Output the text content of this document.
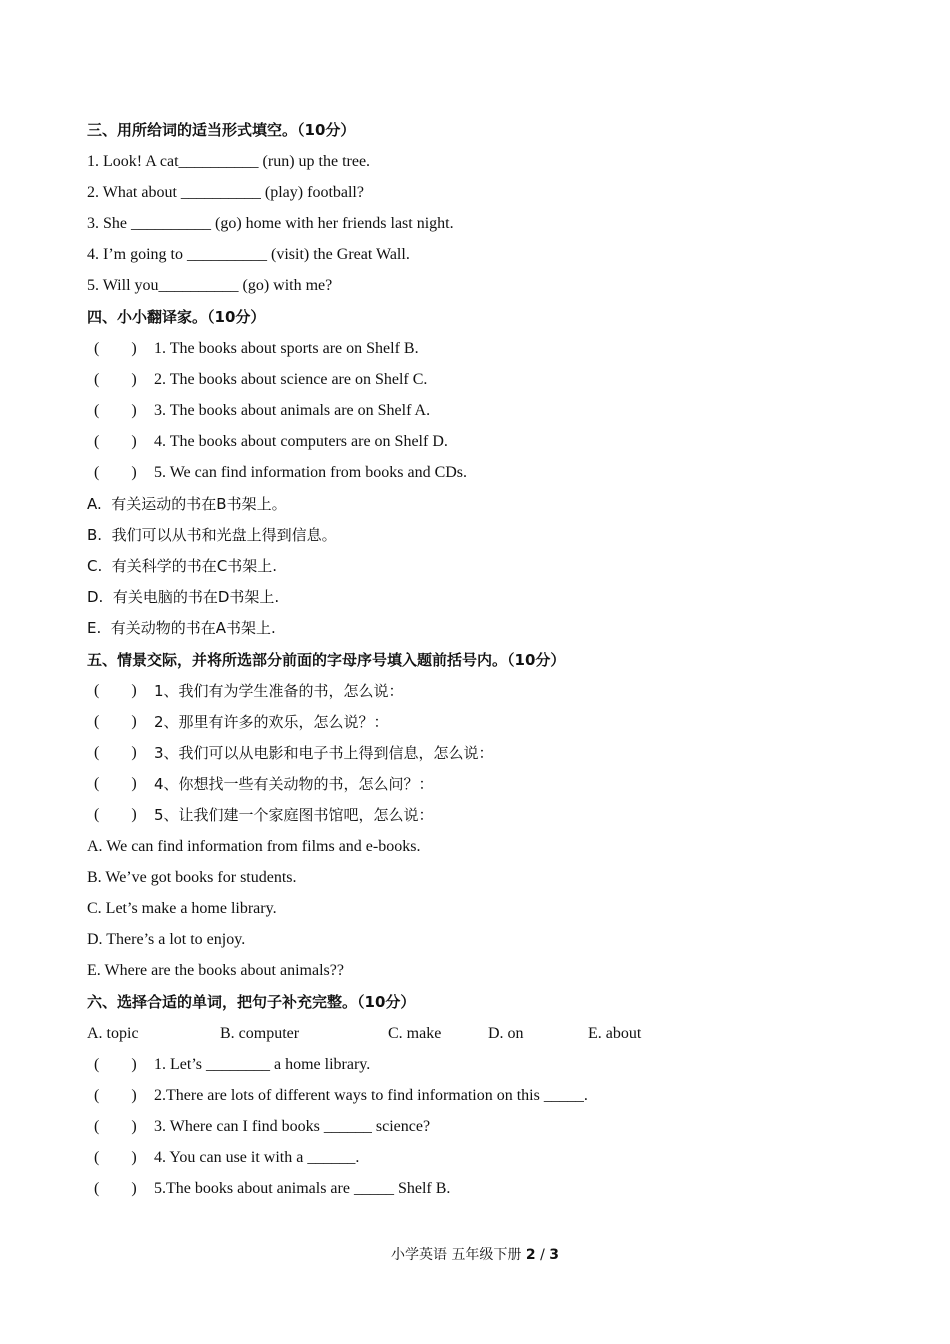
三、用所给词的适当形式填空。（10分）
1. Look! A cat__________ (run) up the tree.
2. What about __________ (play) football?
3. She __________ (go) home with her friends last night.
4. I’m going to __________ (visit) the Great Wall.
5. Will you__________ (go) with me?
四、小小翻译家。（10分）
(        ) 1. The books about sports are on Shelf B.
(        ) 2. The books about science are on Shelf C.
(        ) 3. The books about animals are on Shelf A.
(        ) 4. The books about computers are on Shelf D.
(        ) 5. We can find information from books and CDs.
A.  有关运动的书在B书架上。
B.  我们可以从书和光盘上得到信息。
C.  有关科学的书在C书架上.
D.  有关电脑的书在D书架上.
E.  有关动物的书在A书架上.
五、情景交际，并将所选部分前面的字母序号填入题前括号内。（10分）
(        ) 1、我们有为学生准备的书，怎么说：
(        ) 2、那里有许多的欢乐，怎么说？：
(        ) 3、我们可以从电影和电子书上得到信息，怎么说：
(        ) 4、你想找一些有关动物的书，怎么问？：
(        ) 5、让我们建一个家庭图书馆吧，怎么说：
A. We can find information from films and e-books.
B. We’ve got books for students.
C. Let’s make a home library.
D. There’s a lot to enjoy.
E. Where are the books about animals??
六、选择合适的单词，把句子补充完整。（10分）
A. topic	B. computer	C. make	D. on	E. about
(        ) 1. Let’s ________ a home library.
(        ) 2.There are lots of different ways to find information on this _____.
(        ) 3. Where can I find books ______ science?
(        ) 4. You can use it with a ______.
(        ) 5.The books about animals are _____ Shelf B.
小学英语 五年级下册 2 / 3
